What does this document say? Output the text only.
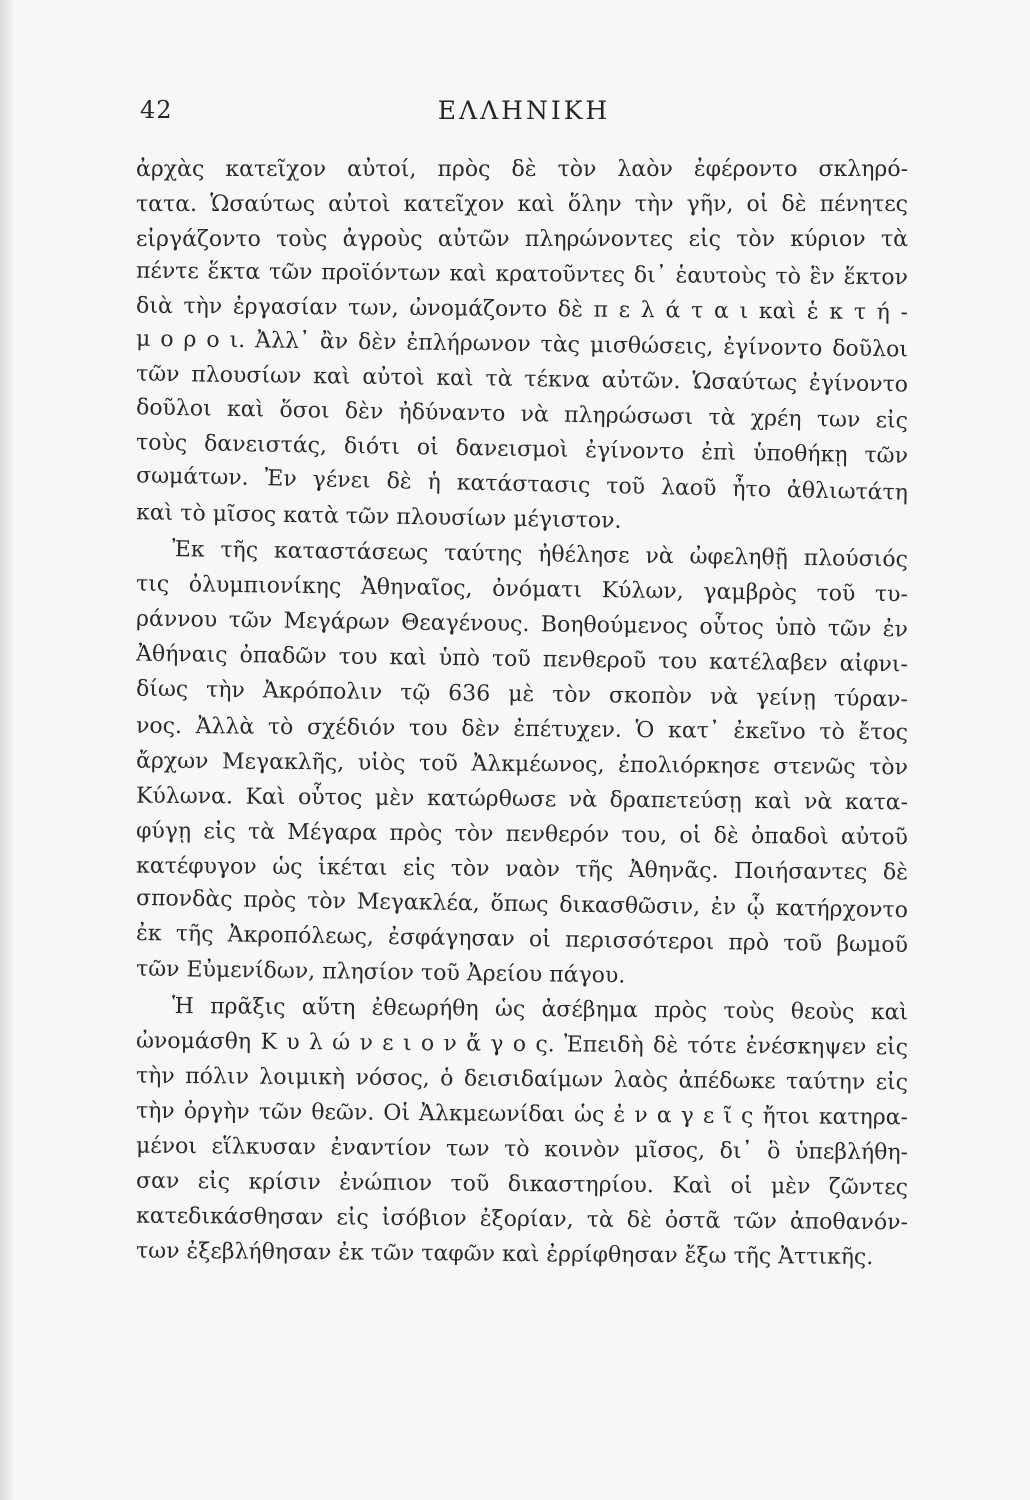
42	ΕΛΛΗΝΙΚΗ
ἀρχὰς κατεῖχον αὐτοί, πρὸς δὲ τὸν λαὸν ἐφέροντο σκληρό-
τατα. Ὡσαύτως αὐτοὶ κατεῖχον καὶ ὅλην τὴν γῆν, οἱ δὲ πένητες
εἰργάζοντο τοὺς ἀγροὺς αὐτῶν πληρώνοντες εἰς τὸν κύριον τὰ
πέντε ἕκτα τῶν προϊόντων καὶ κρατοῦντες δι᾽ ἑαυτοὺς τὸ ἓν ἕκτον
διὰ τὴν ἐργασίαν των, ὠνομάζοντο δὲ π ε λ ά τ α ι καὶ ἑ κ τ ή -
μ ο ρ ο ι. Ἀλλ᾽ ἂν δὲν ἐπλήρωνον τὰς μισθώσεις, ἐγίνοντο δοῦλοι
τῶν πλουσίων καὶ αὐτοὶ καὶ τὰ τέκνα αὐτῶν. Ὡσαύτως ἐγίνοντο
δοῦλοι καὶ ὅσοι δὲν ἠδύναντο νὰ πληρώσωσι τὰ χρέη των εἰς
τοὺς δανειστάς, διότι οἱ δανεισμοὶ ἐγίνοντο ἐπὶ ὑποθήκῃ τῶν
σωμάτων. Ἐν γένει δὲ ἡ κατάστασις τοῦ λαοῦ ἦτο ἀθλιωτάτη
καὶ τὸ μῖσος κατὰ τῶν πλουσίων μέγιστον.
Ἐκ τῆς καταστάσεως ταύτης ἠθέλησε νὰ ὠφεληθῇ πλούσιός
τις ὀλυμπιονίκης Ἀθηναῖος, ὀνόματι Κύλων, γαμβρὸς τοῦ τυ-
ράννου τῶν Μεγάρων Θεαγένους. Βοηθούμενος οὗτος ὑπὸ τῶν ἐν
Ἀθήναις ὀπαδῶν του καὶ ὑπὸ τοῦ πενθεροῦ του κατέλαβεν αἰφνι-
δίως τὴν Ἀκρόπολιν τῷ 636 μὲ τὸν σκοπὸν νὰ γείνῃ τύραν-
νος. Ἀλλὰ τὸ σχέδιόν του δὲν ἐπέτυχεν. Ὁ κατ᾽ ἐκεῖνο τὸ ἔτος
ἄρχων Μεγακλῆς, υἱὸς τοῦ Ἀλκμέωνος, ἐπολιόρκησε στενῶς τὸν
Κύλωνα. Καὶ οὗτος μὲν κατώρθωσε νὰ δραπετεύσῃ καὶ νὰ κατα-
φύγῃ εἰς τὰ Μέγαρα πρὸς τὸν πενθερόν του, οἱ δὲ ὀπαδοὶ αὐτοῦ
κατέφυγον ὡς ἱκέται εἰς τὸν ναὸν τῆς Ἀθηνᾶς. Ποιήσαντες δὲ
σπονδὰς πρὸς τὸν Μεγακλέα, ὅπως δικασθῶσιν, ἐν ᾧ κατήρχοντο
ἐκ τῆς Ἀκροπόλεως, ἐσφάγησαν οἱ περισσότεροι πρὸ τοῦ βωμοῦ
τῶν Εὐμενίδων, πλησίον τοῦ Ἀρείου πάγου.
Ἡ πρᾶξις αὕτη ἐθεωρήθη ὡς ἀσέβημα πρὸς τοὺς θεοὺς καὶ
ὠνομάσθη Κ υ λ ώ ν ε ι ο ν ἄ γ ο ς. Ἐπειδὴ δὲ τότε ἐνέσκηψεν εἰς
τὴν πόλιν λοιμικὴ νόσος, ὁ δεισιδαίμων λαὸς ἀπέδωκε ταύτην εἰς
τὴν ὀργὴν τῶν θεῶν. Οἱ Ἀλκμεωνίδαι ὡς ἐ ν α γ ε ῖ ς ἤτοι κατηρα-
μένοι εἵλκυσαν ἐναντίον των τὸ κοινὸν μῖσος, δι᾽ ὃ ὑπεβλήθη-
σαν εἰς κρίσιν ἐνώπιον τοῦ δικαστηρίου. Καὶ οἱ μὲν ζῶντες
κατεδικάσθησαν εἰς ἰσόβιον ἐξορίαν, τὰ δὲ ὀστᾶ τῶν ἀποθανόν-
των ἐξεβλήθησαν ἐκ τῶν ταφῶν καὶ ἐρρίφθησαν ἔξω τῆς Ἀττικῆς.
